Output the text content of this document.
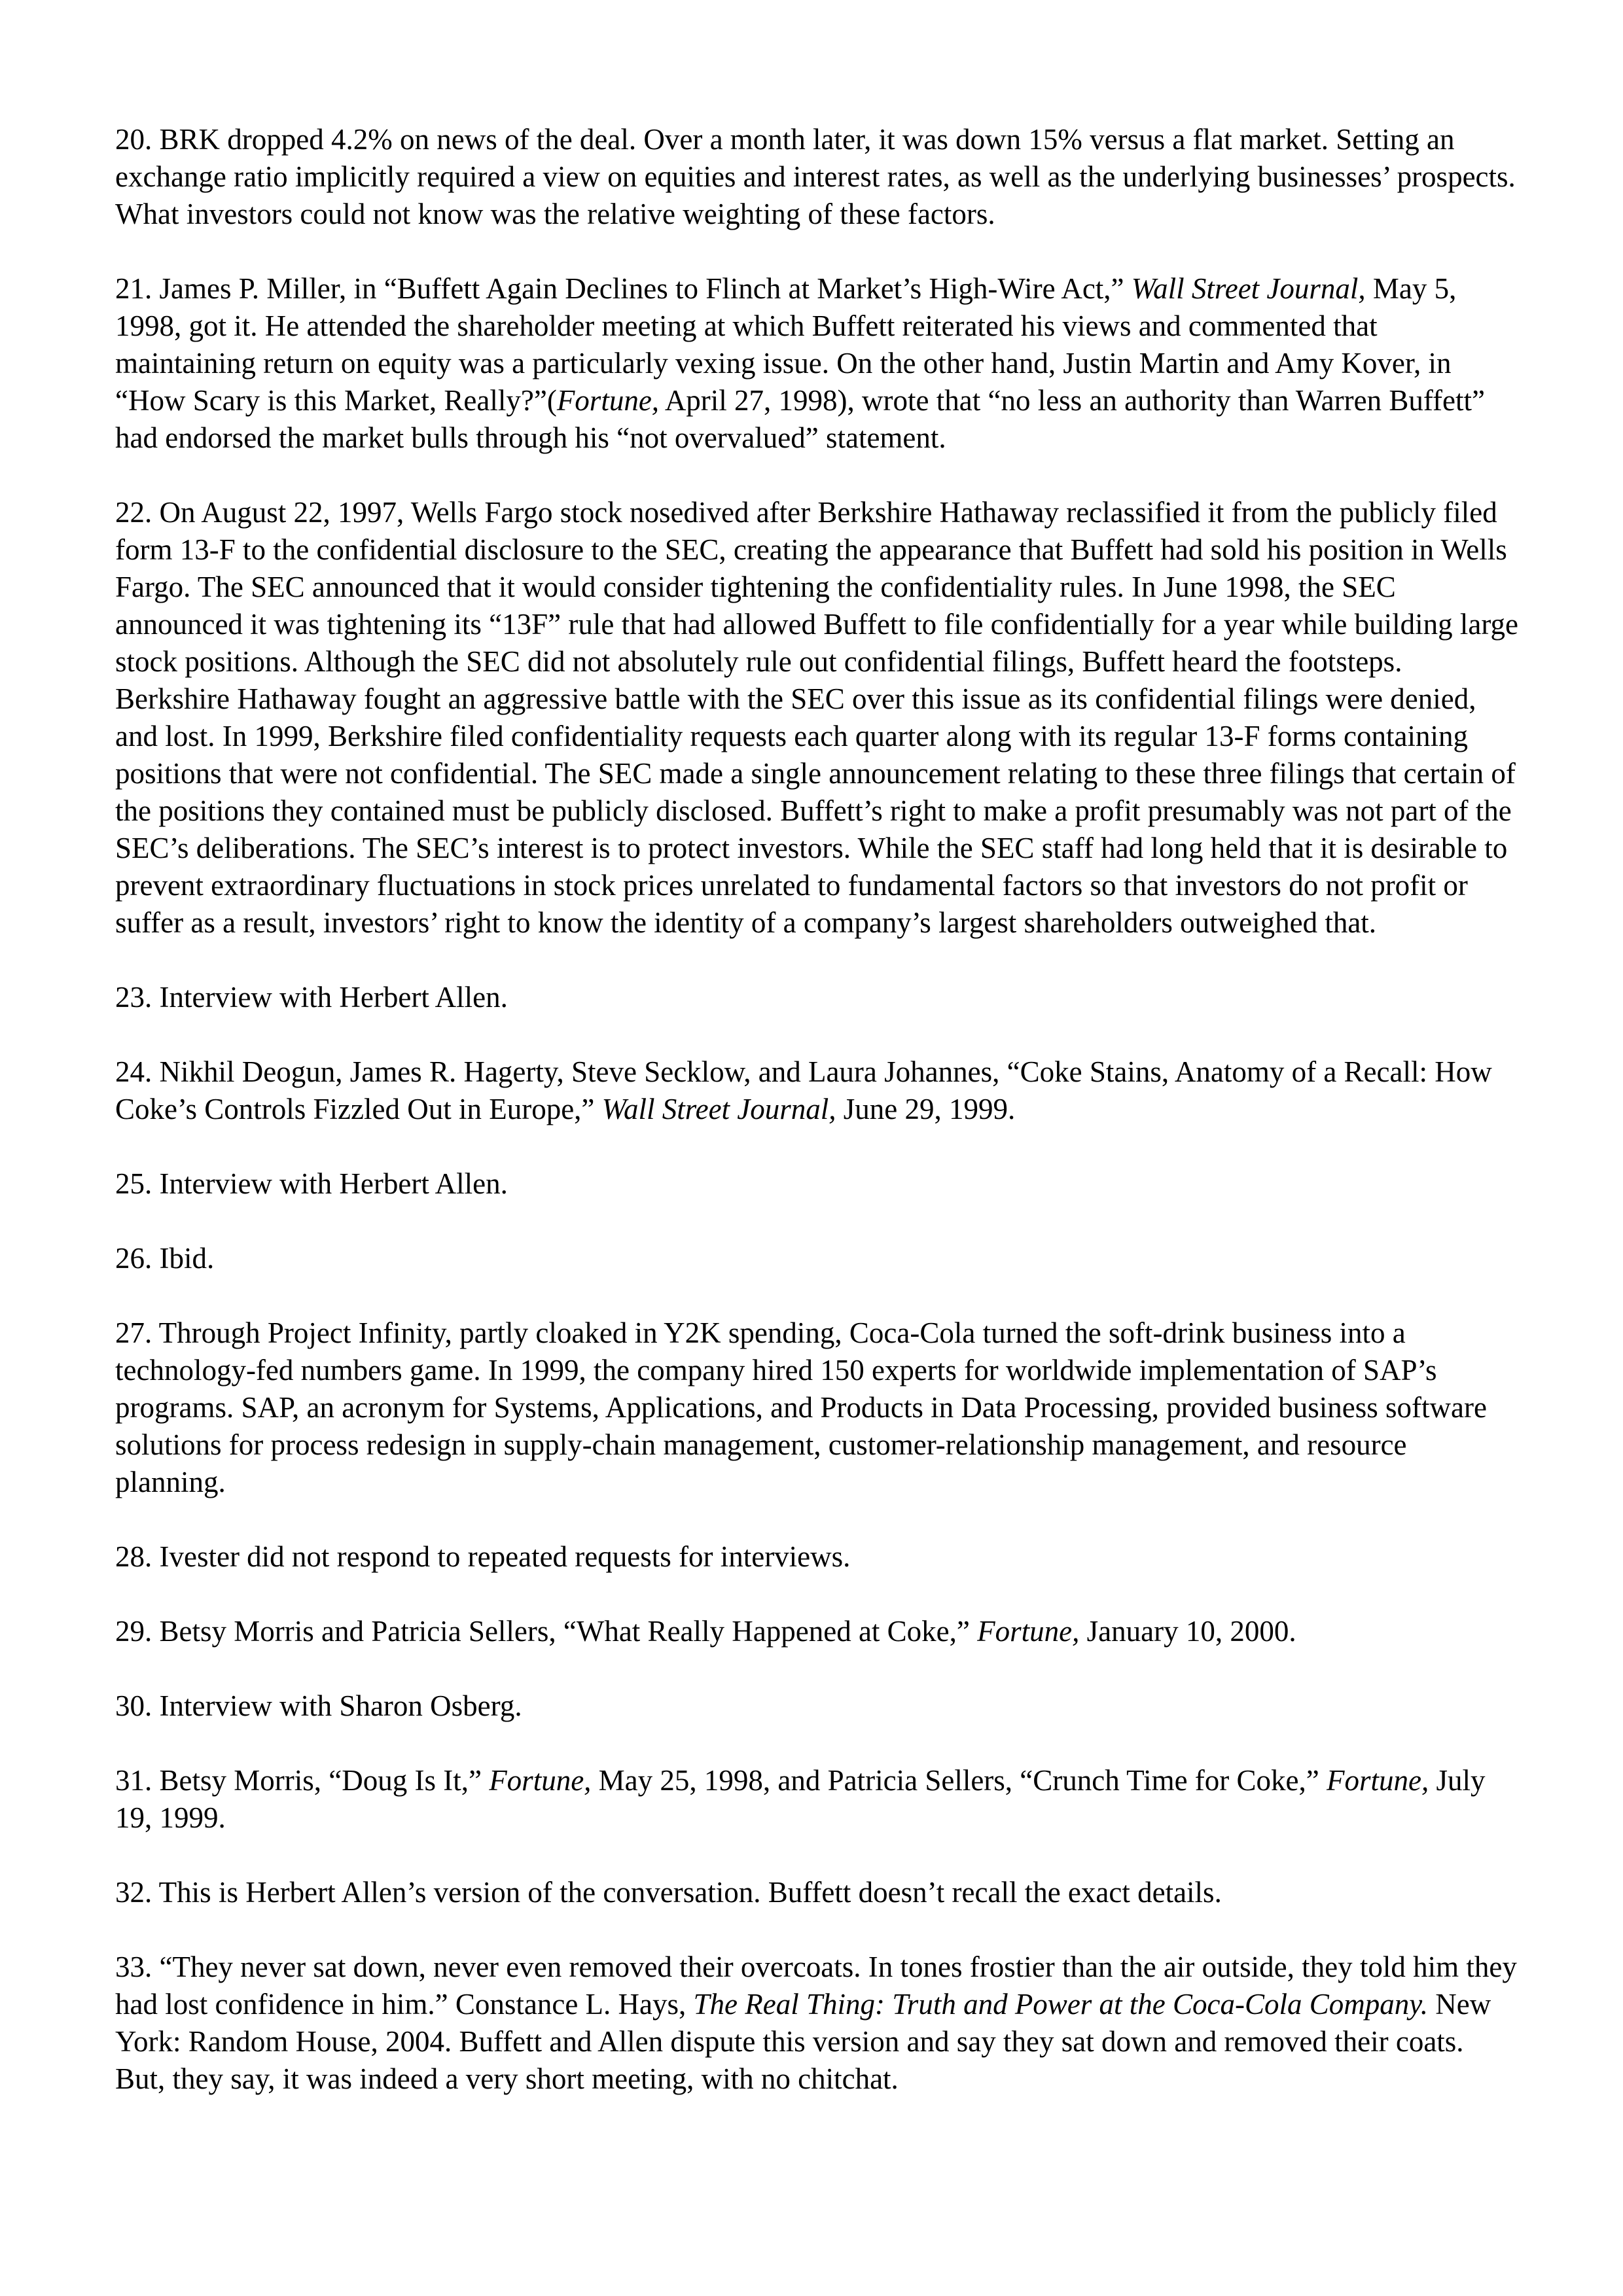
20. BRK dropped 4.2% on news of the deal. Over a month later, it was down 15% versus a flat market. Setting an exchange ratio implicitly required a view on equities and interest rates, as well as the underlying businesses’ prospects. What investors could not know was the relative weighting of these factors.

21. James P. Miller, in “Buffett Again Declines to Flinch at Market’s High-Wire Act,” Wall Street Journal, May 5, 1998, got it. He attended the shareholder meeting at which Buffett reiterated his views and commented that maintaining return on equity was a particularly vexing issue. On the other hand, Justin Martin and Amy Kover, in “How Scary is this Market, Really?”(Fortune, April 27, 1998), wrote that “no less an authority than Warren Buffett” had endorsed the market bulls through his “not overvalued” statement.

22. On August 22, 1997, Wells Fargo stock nosedived after Berkshire Hathaway reclassified it from the publicly filed form 13-F to the confidential disclosure to the SEC, creating the appearance that Buffett had sold his position in Wells Fargo. The SEC announced that it would consider tightening the confidentiality rules. In June 1998, the SEC announced it was tightening its “13F” rule that had allowed Buffett to file confidentially for a year while building large stock positions. Although the SEC did not absolutely rule out confidential filings, Buffett heard the footsteps. Berkshire Hathaway fought an aggressive battle with the SEC over this issue as its confidential filings were denied, and lost. In 1999, Berkshire filed confidentiality requests each quarter along with its regular 13-F forms containing positions that were not confidential. The SEC made a single announcement relating to these three filings that certain of the positions they contained must be publicly disclosed. Buffett’s right to make a profit presumably was not part of the SEC’s deliberations. The SEC’s interest is to protect investors. While the SEC staff had long held that it is desirable to prevent extraordinary fluctuations in stock prices unrelated to fundamental factors so that investors do not profit or suffer as a result, investors’ right to know the identity of a company’s largest shareholders outweighed that.

23. Interview with Herbert Allen.

24. Nikhil Deogun, James R. Hagerty, Steve Secklow, and Laura Johannes, “Coke Stains, Anatomy of a Recall: How Coke’s Controls Fizzled Out in Europe,” Wall Street Journal, June 29, 1999.

25. Interview with Herbert Allen.

26. Ibid.

27. Through Project Infinity, partly cloaked in Y2K spending, Coca-Cola turned the soft-drink business into a technology-fed numbers game. In 1999, the company hired 150 experts for worldwide implementation of SAP’s programs. SAP, an acronym for Systems, Applications, and Products in Data Processing, provided business software solutions for process redesign in supply-chain management, customer-relationship management, and resource planning.

28. Ivester did not respond to repeated requests for interviews.

29. Betsy Morris and Patricia Sellers, “What Really Happened at Coke,” Fortune, January 10, 2000.

30. Interview with Sharon Osberg.

31. Betsy Morris, “Doug Is It,” Fortune, May 25, 1998, and Patricia Sellers, “Crunch Time for Coke,” Fortune, July 19, 1999.

32. This is Herbert Allen’s version of the conversation. Buffett doesn’t recall the exact details.

33. “They never sat down, never even removed their overcoats. In tones frostier than the air outside, they told him they had lost confidence in him.” Constance L. Hays, The Real Thing: Truth and Power at the Coca-Cola Company. New York: Random House, 2004. Buffett and Allen dispute this version and say they sat down and removed their coats. But, they say, it was indeed a very short meeting, with no chitchat.
